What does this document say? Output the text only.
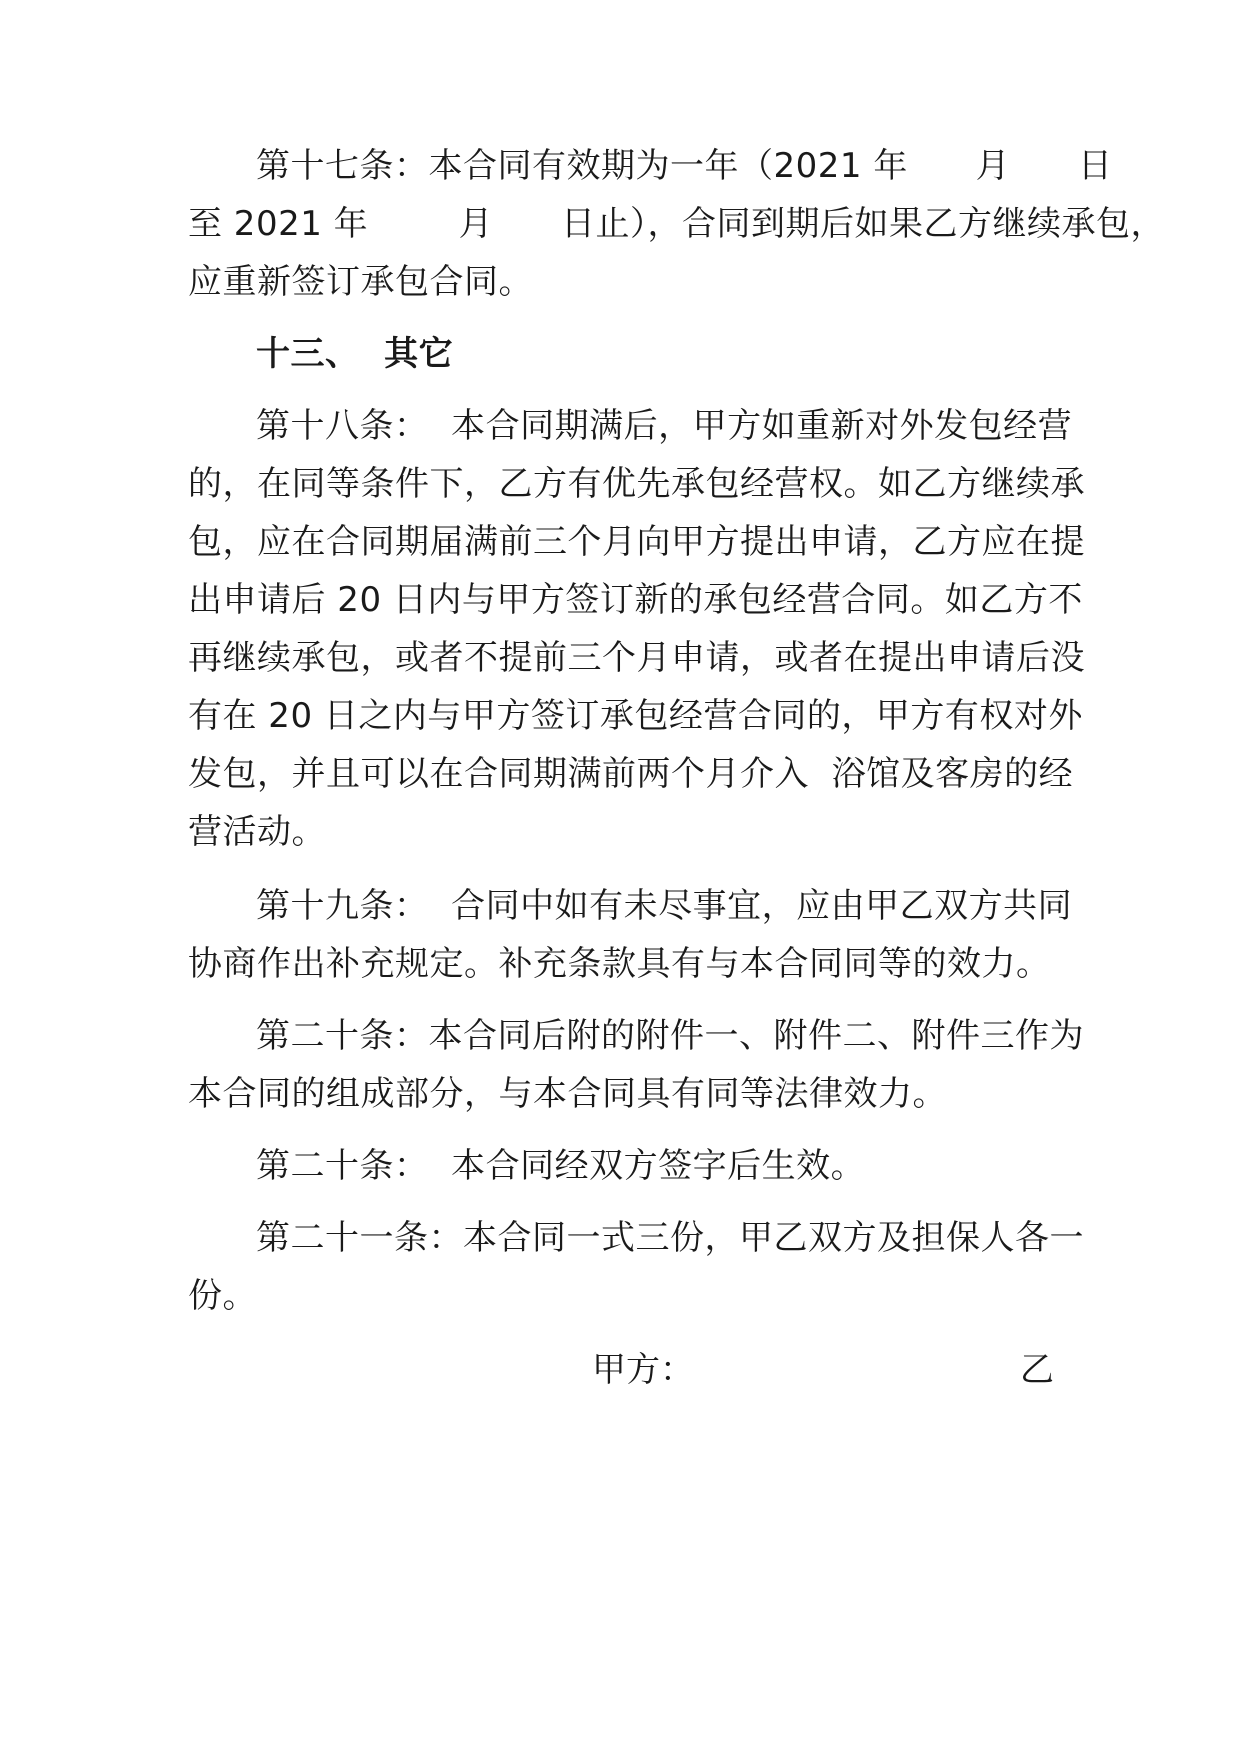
第十七条：本合同有效期为一年（2021 年      月      日
至 2021 年        月      日止），合同到期后如果乙方继续承包，
应重新签订承包合同。
十三、  其它
第十八条：  本合同期满后，甲方如重新对外发包经营
的，在同等条件下，乙方有优先承包经营权。如乙方继续承
包，应在合同期届满前三个月向甲方提出申请，乙方应在提
出申请后 20 日内与甲方签订新的承包经营合同。如乙方不
再继续承包，或者不提前三个月申请，或者在提出申请后没
有在 20 日之内与甲方签订承包经营合同的，甲方有权对外
发包，并且可以在合同期满前两个月介入  浴馆及客房的经
营活动。
第十九条：  合同中如有未尽事宜，应由甲乙双方共同
协商作出补充规定。补充条款具有与本合同同等的效力。
第二十条：本合同后附的附件一、附件二、附件三作为
本合同的组成部分，与本合同具有同等法律效力。
第二十条：  本合同经双方签字后生效。
第二十一条：本合同一式三份，甲乙双方及担保人各一
份。
甲方：	乙
